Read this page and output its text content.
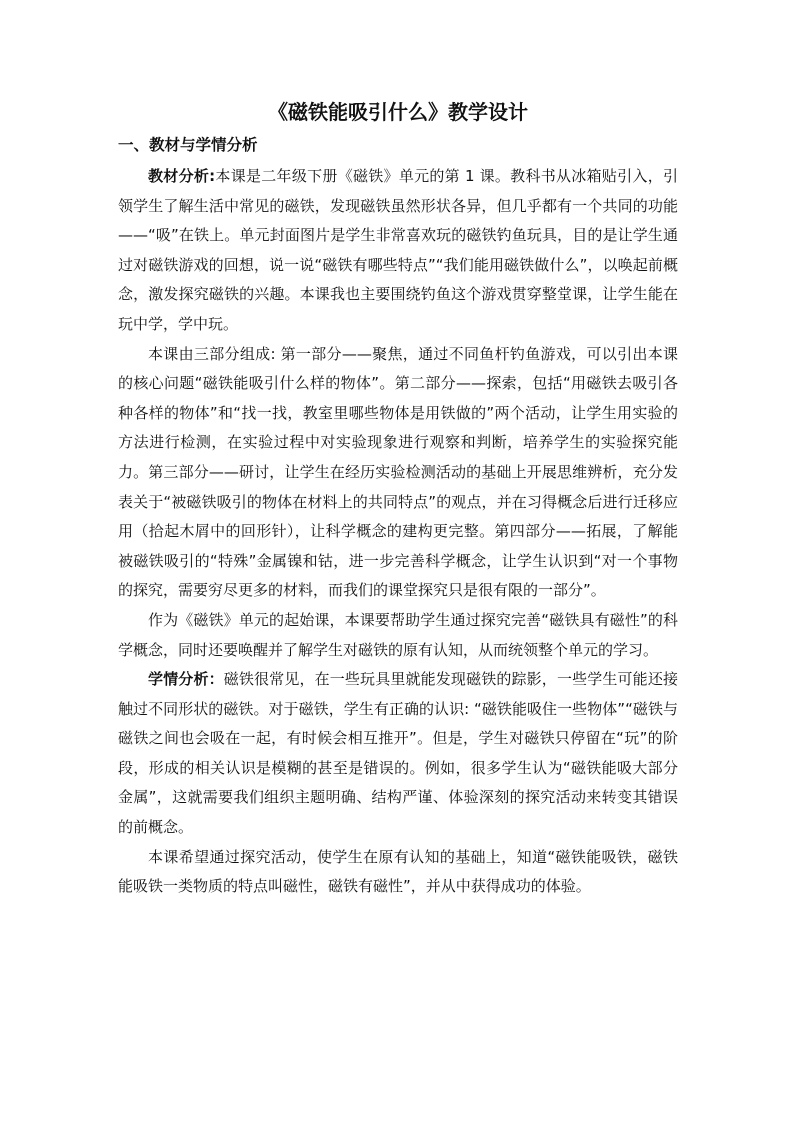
《磁铁能吸引什么》教学设计
一、教材与学情分析

教材分析:本课是二年级下册《磁铁》单元的第 1 课。教科书从冰箱贴引入，引领学生了解生活中常见的磁铁，发现磁铁虽然形状各异，但几乎都有一个共同的功能——“吸”在铁上。单元封面图片是学生非常喜欢玩的磁铁钓鱼玩具，目的是让学生通过对磁铁游戏的回想，说一说“磁铁有哪些特点”“我们能用磁铁做什么”，以唤起前概念，激发探究磁铁的兴趣。本课我也主要围绕钓鱼这个游戏贯穿整堂课，让学生能在玩中学，学中玩。

本课由三部分组成: 第一部分——聚焦，通过不同鱼杆钓鱼游戏，可以引出本课的核心问题“磁铁能吸引什么样的物体”。第二部分——探索，包括“用磁铁去吸引各种各样的物体”和“找一找，教室里哪些物体是用铁做的”两个活动，让学生用实验的方法进行检测，在实验过程中对实验现象进行观察和判断，培养学生的实验探究能力。第三部分——研讨，让学生在经历实验检测活动的基础上开展思维辨析，充分发表关于“被磁铁吸引的物体在材料上的共同特点”的观点，并在习得概念后进行迁移应用（拾起木屑中的回形针），让科学概念的建构更完整。第四部分——拓展，了解能被磁铁吸引的“特殊”金属镍和钴，进一步完善科学概念，让学生认识到“对一个事物的探究，需要穷尽更多的材料，而我们的课堂探究只是很有限的一部分”。

作为《磁铁》单元的起始课，本课要帮助学生通过探究完善“磁铁具有磁性”的科学概念，同时还要唤醒并了解学生对磁铁的原有认知，从而统领整个单元的学习。

学情分析：磁铁很常见，在一些玩具里就能发现磁铁的踪影，一些学生可能还接触过不同形状的磁铁。对于磁铁，学生有正确的认识: “磁铁能吸住一些物体”“磁铁与磁铁之间也会吸在一起，有时候会相互推开”。但是，学生对磁铁只停留在“玩”的阶段，形成的相关认识是模糊的甚至是错误的。例如，很多学生认为“磁铁能吸大部分金属”，这就需要我们组织主题明确、结构严谨、体验深刻的探究活动来转变其错误的前概念。

本课希望通过探究活动，使学生在原有认知的基础上，知道“磁铁能吸铁，磁铁能吸铁一类物质的特点叫磁性，磁铁有磁性”，并从中获得成功的体验。
